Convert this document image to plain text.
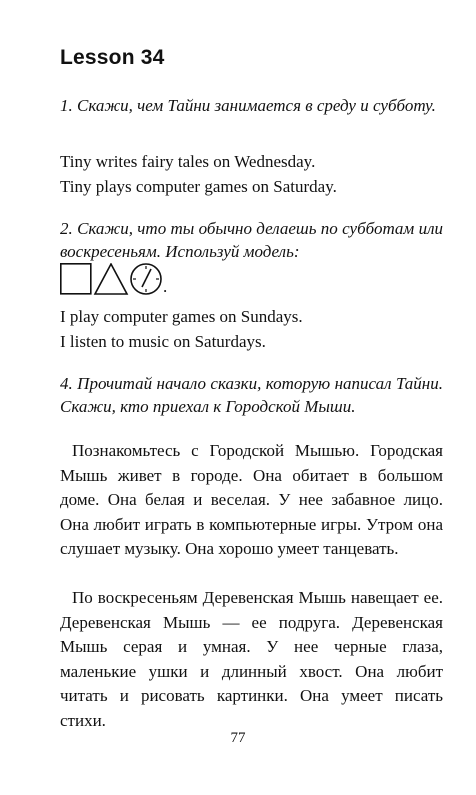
Lesson 34
1. Скажи, чем Тайни занимается в среду и субботу.
Tiny writes fairy tales on Wednesday.
Tiny plays computer games on Saturday.
2. Скажи, что ты обычно делаешь по субботам или воскресеньям. Используй модель:
.
I play computer games on Sundays.
I listen to music on Saturdays.
4. Прочитай начало сказки, которую написал Тайни. Скажи, кто приехал к Городской Мыши.
Познакомьтесь с Городской Мышью. Городская Мышь живет в городе. Она обитает в большом доме. Она белая и веселая. У нее забавное лицо. Она любит играть в компьютерные игры. Утром она слушает музыку. Она хорошо умеет танцевать.
По воскресеньям Деревенская Мышь навещает ее. Деревенская Мышь — ее подруга. Деревенская Мышь серая и умная. У нее черные глаза, маленькие ушки и длинный хвост. Она любит читать и рисовать картинки. Она умеет писать стихи.
77
